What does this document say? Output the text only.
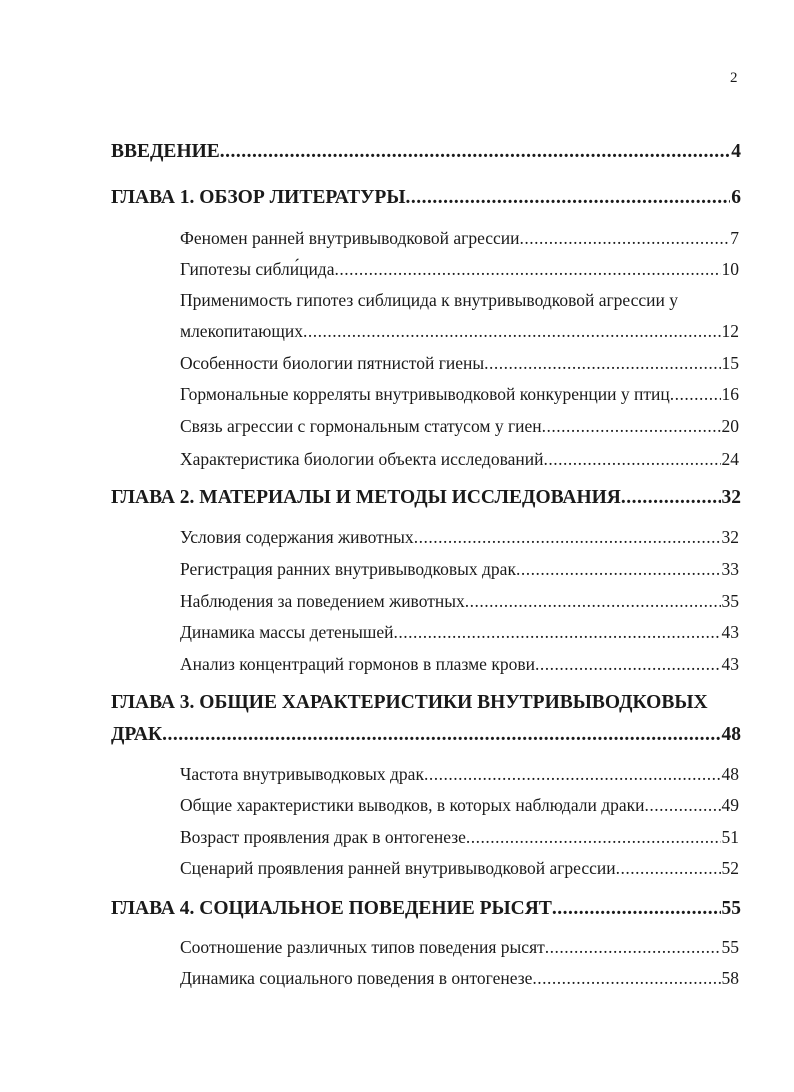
2
ВВЕДЕНИЕ .....	4
ГЛАВА 1. ОБЗОР ЛИТЕРАТУРЫ .....	6
Феномен ранней внутривыводковой агрессии .....	7
Гипотезы сибли́цида .....	10
Применимость гипотез сиблицида к внутривыводковой агрессии у
млекопитающих .....	12
Особенности биологии пятнистой гиены .....	15
Гормональные корреляты внутривыводковой конкуренции у птиц .....	16
Связь агрессии с гормональным статусом у гиен .....	20
Характеристика биологии объекта исследований .....	24
ГЛАВА 2. МАТЕРИАЛЫ И МЕТОДЫ ИССЛЕДОВАНИЯ .....	32
Условия содержания животных .....	32
Регистрация ранних внутривыводковых драк .....	33
Наблюдения за поведением животных .....	35
Динамика массы детенышей .....	43
Анализ концентраций гормонов в плазме крови .....	43
ГЛАВА 3. ОБЩИЕ ХАРАКТЕРИСТИКИ ВНУТРИВЫВОДКОВЫХ
ДРАК .....	48
Частота внутривыводковых драк .....	48
Общие характеристики выводков, в которых наблюдали драки .....	49
Возраст проявления драк в онтогенезе .....	51
Сценарий проявления ранней внутривыводковой агрессии .....	52
ГЛАВА 4. СОЦИАЛЬНОЕ ПОВЕДЕНИЕ РЫСЯТ .....	55
Соотношение различных типов поведения рысят .....	55
Динамика социального поведения в онтогенезе .....	58
